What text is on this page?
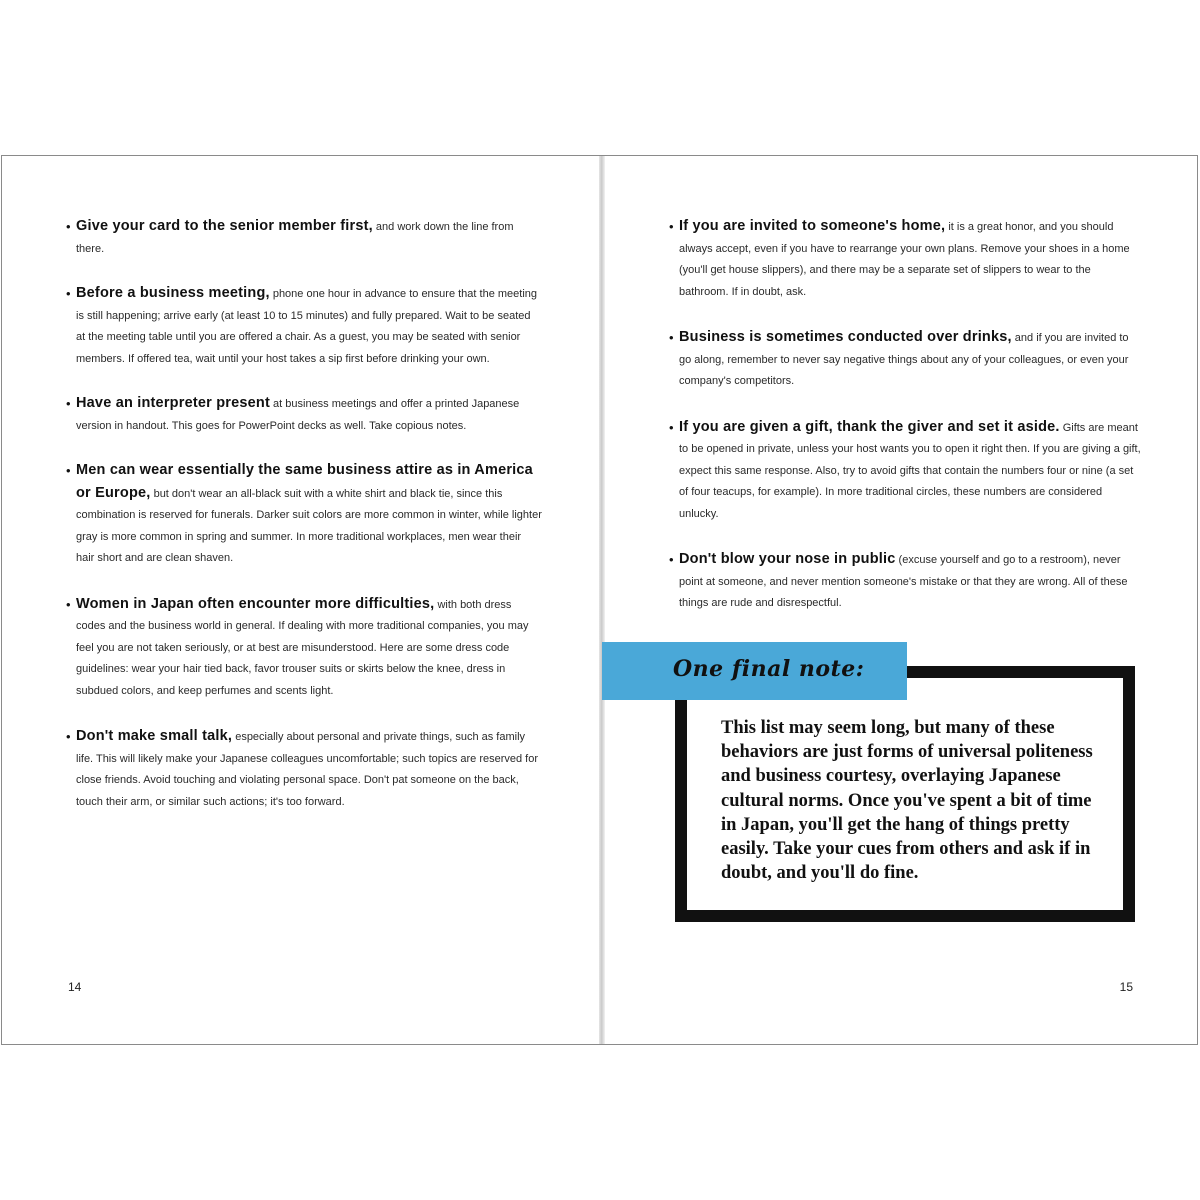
• Give your card to the senior member first, and work down the line from there.
• Before a business meeting, phone one hour in advance to ensure that the meeting is still happening; arrive early (at least 10 to 15 minutes) and fully prepared. Wait to be seated at the meeting table until you are offered a chair. As a guest, you may be seated with senior members. If offered tea, wait until your host takes a sip first before drinking your own.
• Have an interpreter present at business meetings and offer a printed Japanese version in handout. This goes for PowerPoint decks as well. Take copious notes.
• Men can wear essentially the same business attire as in America or Europe, but don't wear an all-black suit with a white shirt and black tie, since this combination is reserved for funerals. Darker suit colors are more common in winter, while lighter gray is more common in spring and summer. In more traditional workplaces, men wear their hair short and are clean shaven.
• Women in Japan often encounter more difficulties, with both dress codes and the business world in general. If dealing with more traditional companies, you may feel you are not taken seriously, or at best are misunderstood. Here are some dress code guidelines: wear your hair tied back, favor trouser suits or skirts below the knee, dress in subdued colors, and keep perfumes and scents light.
• Don't make small talk, especially about personal and private things, such as family life. This will likely make your Japanese colleagues uncomfortable; such topics are reserved for close friends. Avoid touching and violating personal space. Don't pat someone on the back, touch their arm, or similar such actions; it's too forward.
14
• If you are invited to someone's home, it is a great honor, and you should always accept, even if you have to rearrange your own plans. Remove your shoes in a home (you'll get house slippers), and there may be a separate set of slippers to wear to the bathroom. If in doubt, ask.
• Business is sometimes conducted over drinks, and if you are invited to go along, remember to never say negative things about any of your colleagues, or even your company's competitors.
• If you are given a gift, thank the giver and set it aside. Gifts are meant to be opened in private, unless your host wants you to open it right then. If you are giving a gift, expect this same response. Also, try to avoid gifts that contain the numbers four or nine (a set of four teacups, for example). In more traditional circles, these numbers are considered unlucky.
• Don't blow your nose in public (excuse yourself and go to a restroom), never point at someone, and never mention someone's mistake or that they are wrong. All of these things are rude and disrespectful.
One final note:
This list may seem long, but many of these behaviors are just forms of universal politeness and business courtesy, overlaying Japanese cultural norms. Once you've spent a bit of time in Japan, you'll get the hang of things pretty easily. Take your cues from others and ask if in doubt, and you'll do fine.
15
